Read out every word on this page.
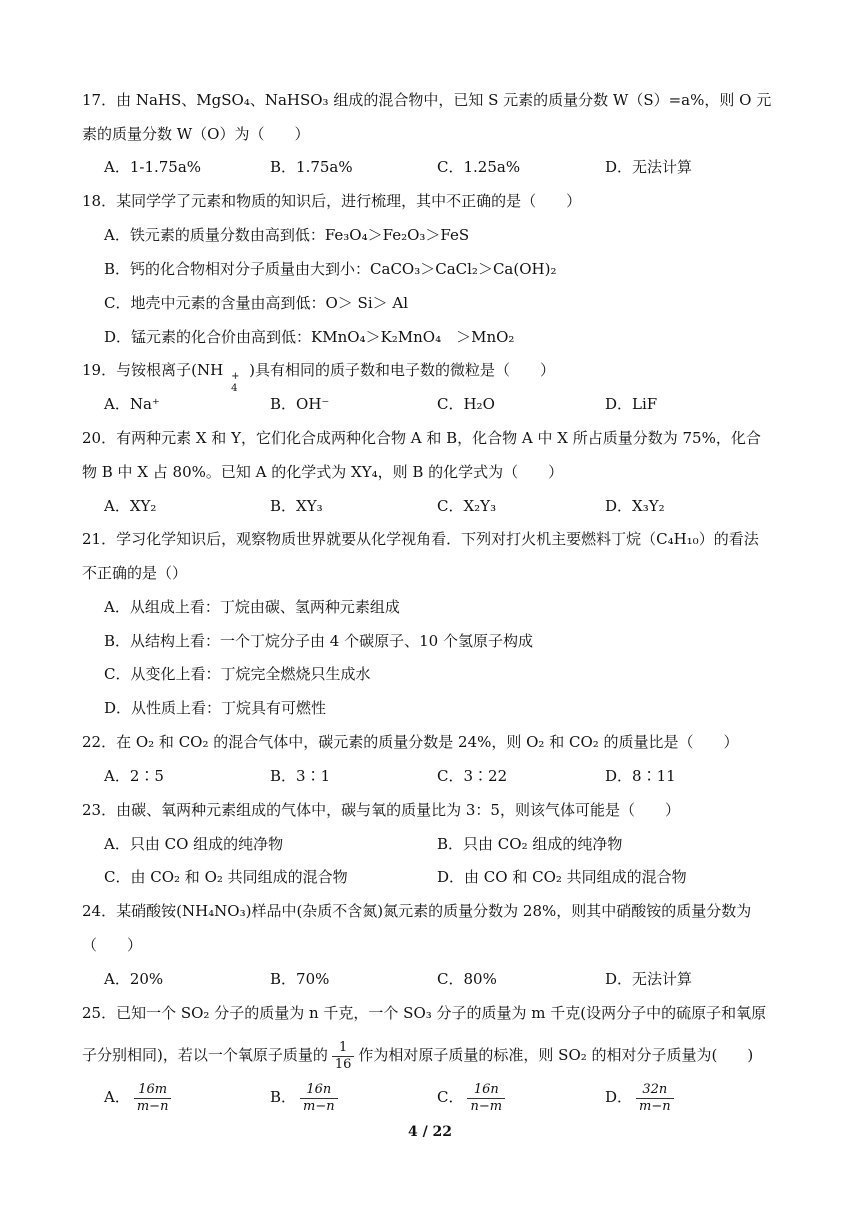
17．由 NaHS、MgSO₄、NaHSO₃ 组成的混合物中，已知 S 元素的质量分数 W（S）=a%，则 O 元
素的质量分数 W（O）为（　　）
A．1-1.75a%	B．1.75a%	C．1.25a%	D．无法计算
18．某同学学了元素和物质的知识后，进行梳理，其中不正确的是（　　）
A．铁元素的质量分数由高到低：Fe₃O₄＞Fe₂O₃＞FeS
B．钙的化合物相对分子质量由大到小：CaCO₃＞CaCl₂＞Ca(OH)₂
C．地壳中元素的含量由高到低：O＞ Si＞ Al
D．锰元素的化合价由高到低：KMnO₄＞K₂MnO₄　＞MnO₂
19．与铵根离子(NH +
4
)具有相同的质子数和电子数的微粒是（　　）
A．Na⁺	B．OH⁻	C．H₂O	D．LiF
20．有两种元素 X 和 Y，它们化合成两种化合物 A 和 B，化合物 A 中 X 所占质量分数为 75%，化合
物 B 中 X 占 80%。已知 A 的化学式为 XY₄，则 B 的化学式为（　　）
A．XY₂	B．XY₃	C．X₂Y₃	D．X₃Y₂
21．学习化学知识后，观察物质世界就要从化学视角看．下列对打火机主要燃料丁烷（C₄H₁₀）的看法
不正确的是（）
A．从组成上看：丁烷由碳、氢两种元素组成
B．从结构上看：一个丁烷分子由 4 个碳原子、10 个氢原子构成
C．从变化上看：丁烷完全燃烧只生成水
D．从性质上看：丁烷具有可燃性
22．在 O₂ 和 CO₂ 的混合气体中，碳元素的质量分数是 24%，则 O₂ 和 CO₂ 的质量比是（　　）
A．2∶5	B．3∶1	C．3∶22	D．8∶11
23．由碳、氧两种元素组成的气体中，碳与氧的质量比为 3：5，则该气体可能是（　　）
A．只由 CO 组成的纯净物	B．只由 CO₂ 组成的纯净物
C．由 CO₂ 和 O₂ 共同组成的混合物	D．由 CO 和 CO₂ 共同组成的混合物
24．某硝酸铵(NH₄NO₃)样品中(杂质不含氮)氮元素的质量分数为 28%，则其中硝酸铵的质量分数为
（　　）
A．20%	B．70%	C．80%	D．无法计算
25．已知一个 SO₂ 分子的质量为 n 千克，一个 SO₃ 分子的质量为 m 千克(设两分子中的硫原子和氧原
子分别相同)，若以一个氧原子质量的 $\frac{1}{16}$ 作为相对原子质量的标准，则 SO₂ 的相对分子质量为(　　)
A． $\frac{16m}{m-n}$	B． $\frac{16n}{m-n}$	C． $\frac{16n}{n-m}$	D． $\frac{32n}{m-n}$
4 / 22
